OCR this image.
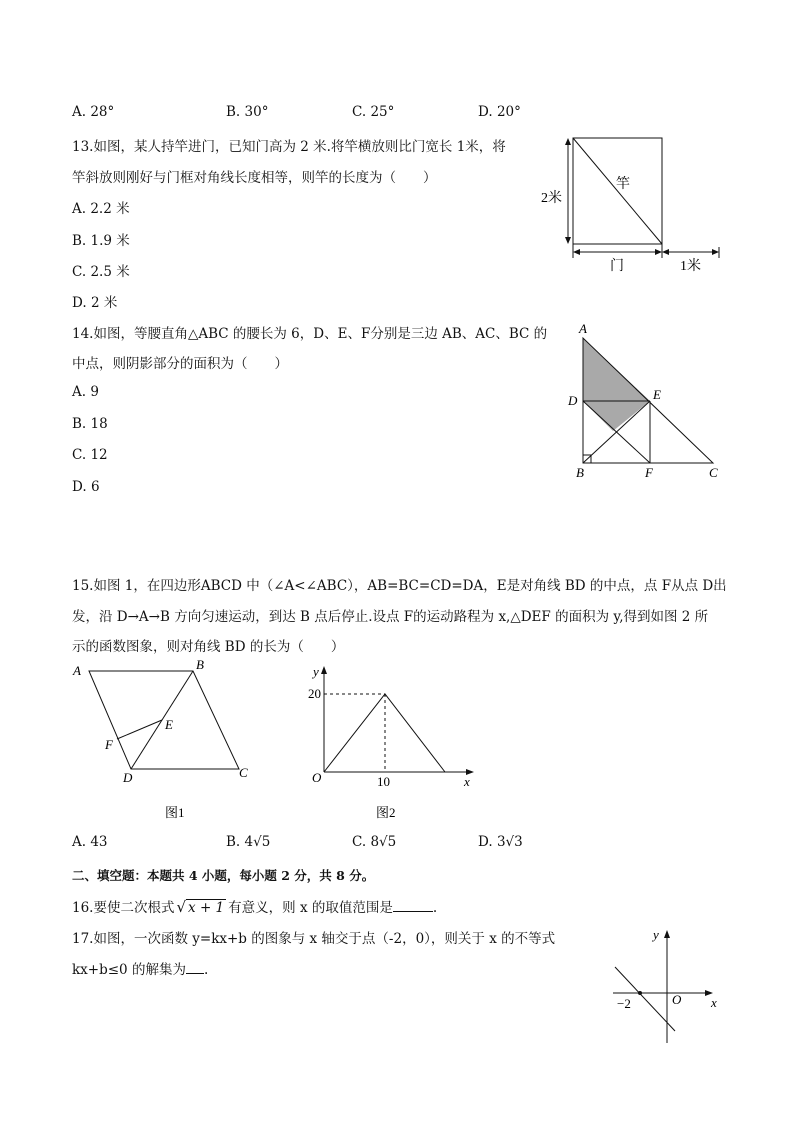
A. 28°	B. 30°	C. 25°	D. 20°
13.如图，某人持竿进门，已知门高为 2 米.将竿横放则比门宽长 1米，将
竿斜放则刚好与门框对角线长度相等，则竿的长度为（　　）
A. 2.2 米
B. 1.9 米
C. 2.5 米
D. 2 米
竿
2米
门	1米
14.如图，等腰直角△ABC 的腰长为 6，D、E、F分别是三边 AB、AC、BC 的
中点，则阴影部分的面积为（　　）
A. 9
B. 18
C. 12
D. 6
A
D	E
B	F	C
15.如图 1，在四边形ABCD 中（∠A<∠ABC），AB=BC=CD=DA，E是对角线 BD 的中点，点 F从点 D出
发，沿 D→A→B 方向匀速运动，到达 B 点后停止.设点 F的运动路程为 x,△DEF 的面积为 y,得到如图 2 所
示的函数图象，则对角线 BD 的长为（　　）
A	B
E
F
D	C
图1
y
x
O
20
10
图2
A. 43	B. 4√5	C. 8√5	D. 3√3
二、填空题：本题共 4 小题，每小题 2 分，共 8 分。
16.要使二次根式 √ x + 1 有意义，则 x 的取值范围是	.
17.如图，一次函数 y=kx+b 的图象与 x 轴交于点（-2，0），则关于 x 的不等式
kx+b≤0 的解集为 .
y
x
O
−2
